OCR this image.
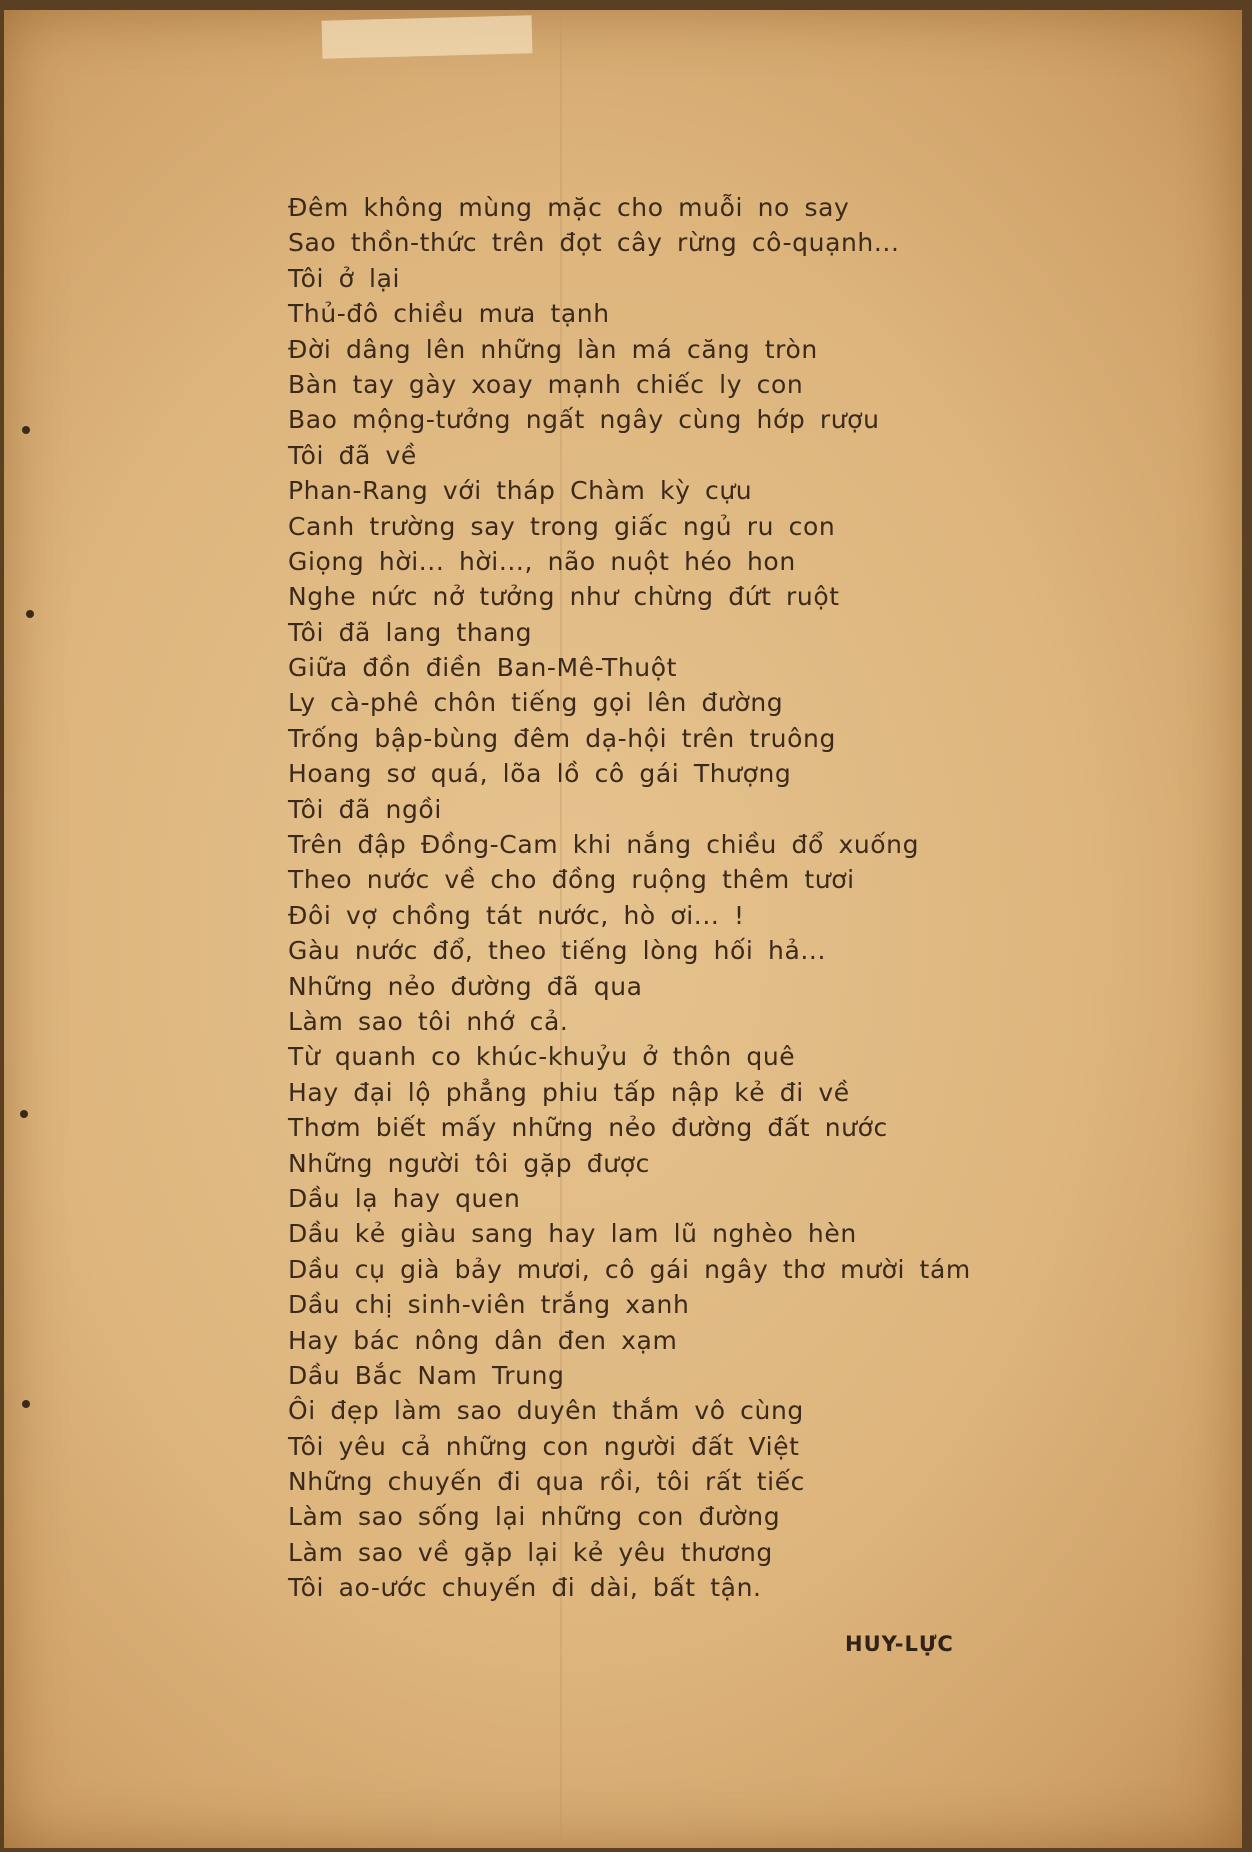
Đêm không mùng mặc cho muỗi no say
Sao thồn-thức trên đọt cây rừng cô-quạnh...
Tôi ở lại
Thủ-đô chiều mưa tạnh
Đời dâng lên những làn má căng tròn
Bàn tay gày xoay mạnh chiếc ly con
Bao mộng-tưởng ngất ngây cùng hớp rượu
Tôi đã về
Phan-Rang với tháp Chàm kỳ cựu
Canh trường say trong giấc ngủ ru con
Giọng hời... hời..., não nuột héo hon
Nghe nức nở tưởng như chừng đứt ruột
Tôi đã lang thang
Giữa đồn điền Ban-Mê-Thuột
Ly cà-phê chôn tiếng gọi lên đường
Trống bập-bùng đêm dạ-hội trên truông
Hoang sơ quá, lõa lồ cô gái Thượng
Tôi đã ngồi
Trên đập Đồng-Cam khi nắng chiều đổ xuống
Theo nước về cho đồng ruộng thêm tươi
Đôi vợ chồng tát nước, hò ơi... !
Gàu nước đổ, theo tiếng lòng hối hả...
Những nẻo đường đã qua
Làm sao tôi nhớ cả.
Từ quanh co khúc-khuỷu ở thôn quê
Hay đại lộ phẳng phiu tấp nập kẻ đi về
Thơm biết mấy những nẻo đường đất nước
Những người tôi gặp được
Dầu lạ hay quen
Dầu kẻ giàu sang hay lam lũ nghèo hèn
Dầu cụ già bảy mươi, cô gái ngây thơ mười tám
Dầu chị sinh-viên trắng xanh
Hay bác nông dân đen xạm
Dầu Bắc Nam Trung
Ôi đẹp làm sao duyên thắm vô cùng
Tôi yêu cả những con người đất Việt
Những chuyến đi qua rồi, tôi rất tiếc
Làm sao sống lại những con đường
Làm sao về gặp lại kẻ yêu thương
Tôi ao-ước chuyến đi dài, bất tận.
HUY-LỰC
